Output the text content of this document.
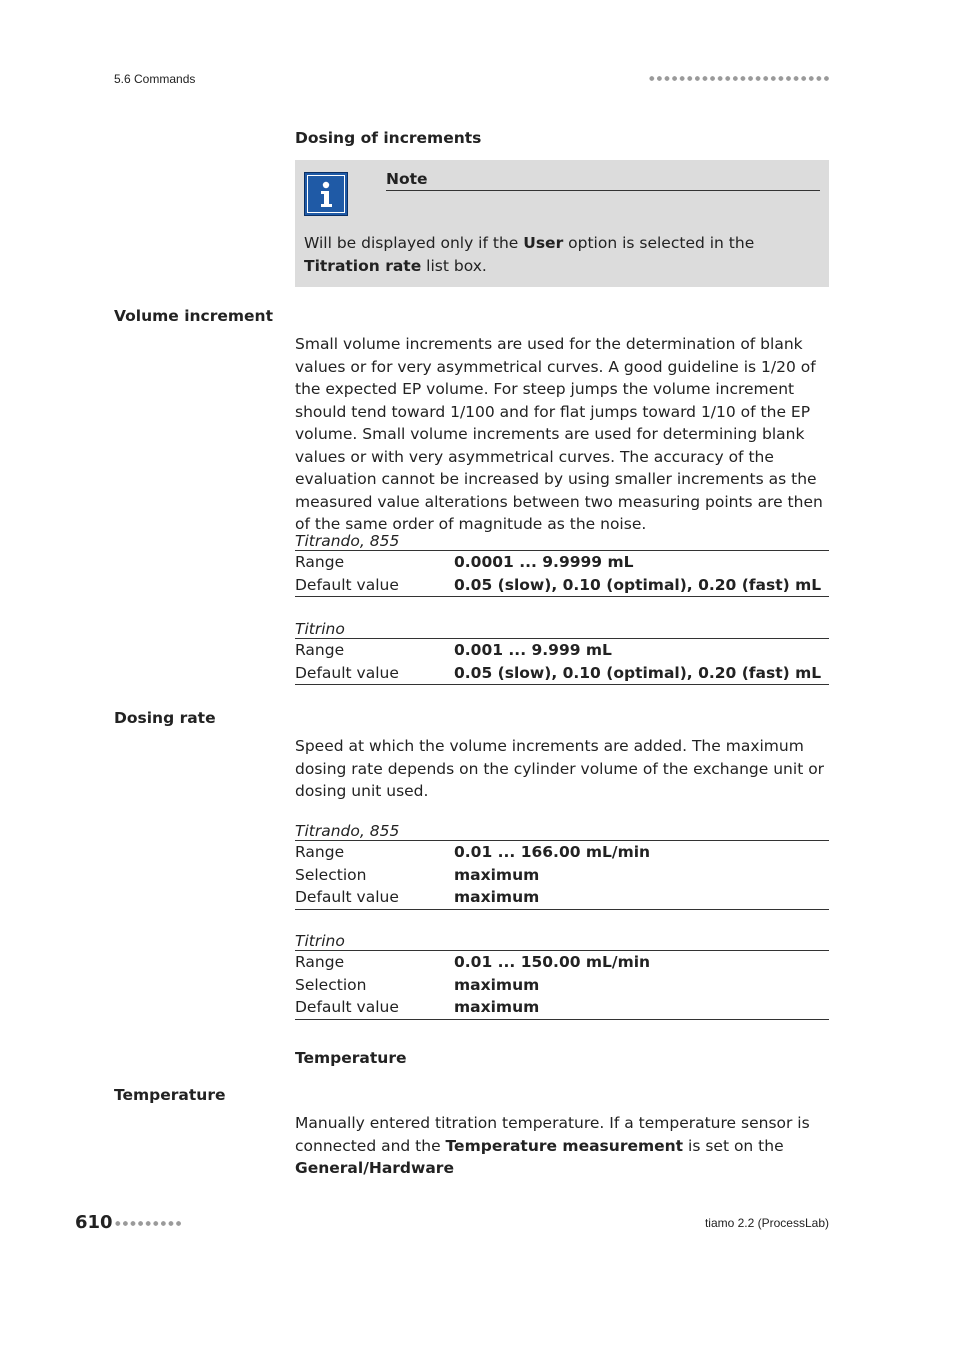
5.6 Commands
Dosing of increments
Note
Will be displayed only if the User option is selected in the Titration rate list box.
Volume increment

Small volume increments are used for the determination of blank values or for very asymmetrical curves. A good guideline is 1/20 of the expected EP volume. For steep jumps the volume increment should tend toward 1/100 and for flat jumps toward 1/10 of the EP volume. Small volume increments are used for determining blank values or with very asymmetrical curves. The accuracy of the evaluation cannot be increased by using smaller increments as the measured value alterations between two measuring points are then of the same order of magnitude as the noise.

Titrando, 855
Range	0.0001 ... 9.9999 mL
Default value	0.05 (slow), 0.10 (optimal), 0.20 (fast) mL
Titrino
Range	0.001 ... 9.999 mL
Default value	0.05 (slow), 0.10 (optimal), 0.20 (fast) mL
Dosing rate

Speed at which the volume increments are added. The maximum dosing rate depends on the cylinder volume of the exchange unit or dosing unit used.

Titrando, 855
Range	0.01 ... 166.00 mL/min
Selection	maximum
Default value	maximum
Titrino
Range	0.01 ... 150.00 mL/min
Selection	maximum
Default value	maximum
Temperature
Temperature

Manually entered titration temperature. If a temperature sensor is connected and the Temperature measurement is set on the General/Hardware

610	tiamo 2.2 (ProcessLab)
